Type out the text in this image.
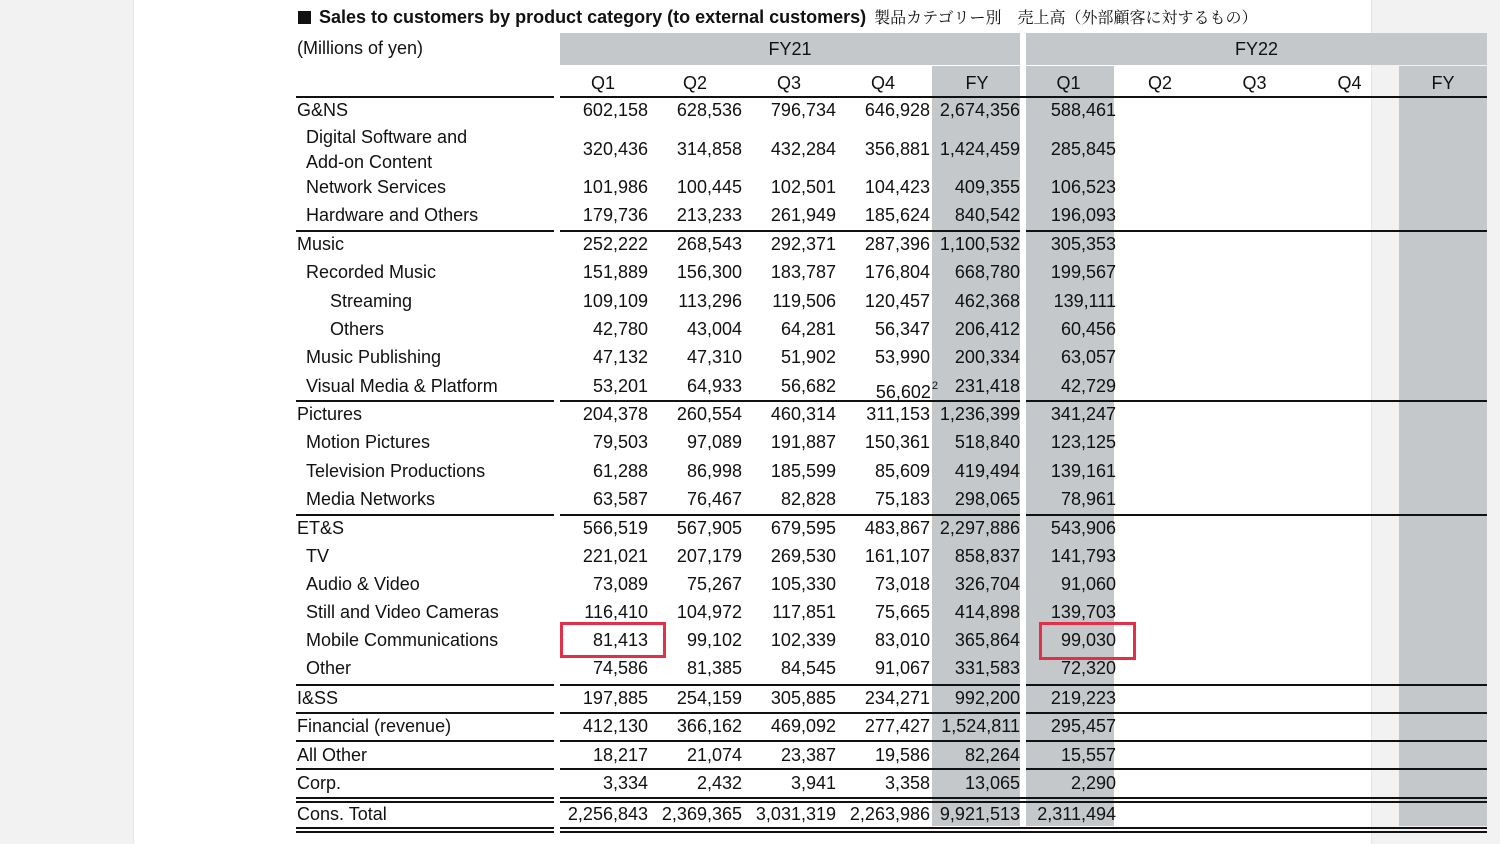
Sales to customers by product category (to external customers) 製品カテゴリー別　売上高（外部顧客に対するもの）
(Millions of yen)	FY21	FY22
Q1	Q2	Q3	Q4	FY	Q1	Q2	Q3	Q4	FY
G&NS	602,158	628,536	796,734	646,928 2,674,356	588,461
Digital Software and
Add-on Content
320,436	314,858	432,284	356,881 1,424,459	285,845
Network Services	101,986	100,445	102,501	104,423	409,355	106,523
Hardware and Others	179,736	213,233	261,949	185,624	840,542	196,093
Music	252,222	268,543	292,371	287,396 1,100,532	305,353
Recorded Music	151,889	156,300	183,787	176,804	668,780	199,567
Streaming	109,109	113,296	119,506	120,457	462,368	139,111
Others	42,780	43,004	64,281	56,347	206,412	60,456
Music Publishing	47,132	47,310	51,902	53,990	200,334	63,057
Visual Media & Platform	53,201	64,933	56,682	56,602$^2$ 231,418	42,729
Pictures	204,378	260,554	460,314	311,153 1,236,399	341,247
Motion Pictures	79,503	97,089	191,887	150,361	518,840	123,125
Television Productions	61,288	86,998	185,599	85,609	419,494	139,161
Media Networks	63,587	76,467	82,828	75,183	298,065	78,961
ET&S	566,519	567,905	679,595	483,867 2,297,886	543,906
TV	221,021	207,179	269,530	161,107	858,837	141,793
Audio & Video	73,089	75,267	105,330	73,018	326,704	91,060
Still and Video Cameras	116,410	104,972	117,851	75,665	414,898	139,703
Mobile Communications	81,413	99,102	102,339	83,010	365,864	99,030
Other	74,586	81,385	84,545	91,067	331,583	72,320
I&SS	197,885	254,159	305,885	234,271	992,200	219,223
Financial (revenue)	412,130	366,162	469,092	277,427 1,524,811	295,457
All Other	18,217	21,074	23,387	19,586	82,264	15,557
Corp.	3,334	2,432	3,941	3,358	13,065	2,290
Cons. Total	2,256,843 2,369,365 3,031,319 2,263,986 9,921,513 2,311,494
